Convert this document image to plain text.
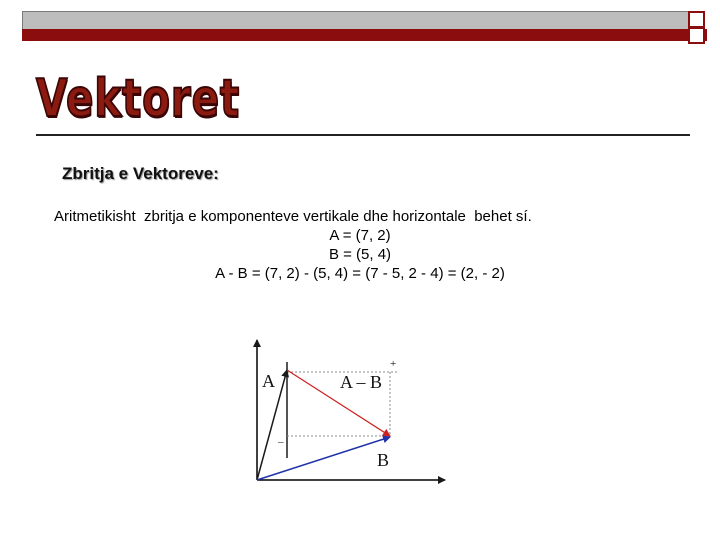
Vektoret
Zbritja e Vektoreve:
Aritmetikisht  zbritja e komponenteve vertikale dhe horizontale  behet sí.
A = (7, 2)
B = (5, 4)
A - B = (7, 2) - (5, 4) = (7 - 5, 2 - 4) = (2, - 2)
A	A – B
B
+
–
